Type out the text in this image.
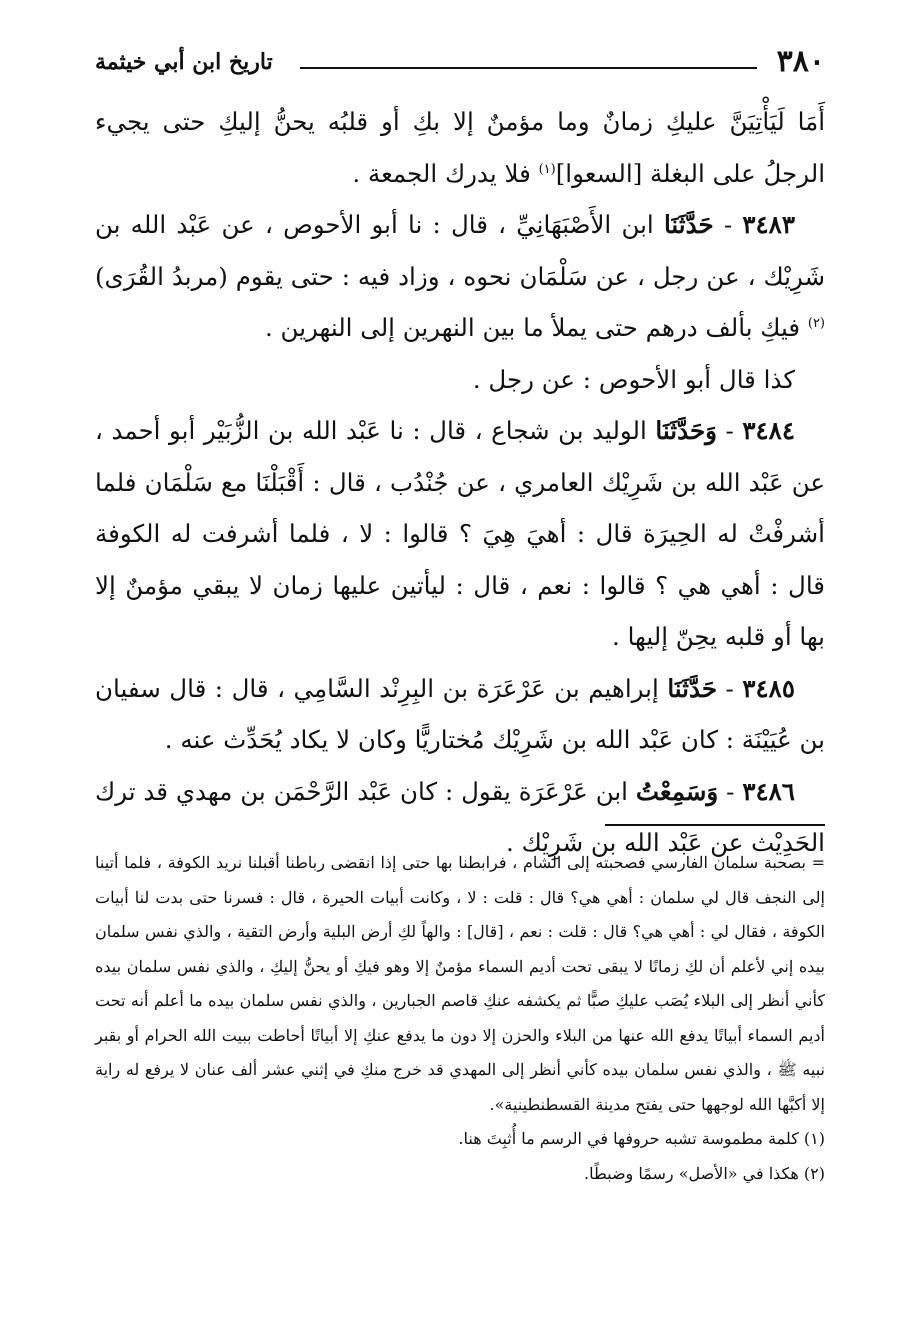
٣٨٠
تاريخ ابن أبي خيثمة

أَمَا لَيَأْتِيَنَّ عليكِ زمانٌ وما مؤمنٌ إلا بكِ أو قلبُه يحنُّ إليكِ حتى يجيء الرجلُ على البغلة [السعوا]$^{(١)}$ فلا يدرك الجمعة .

٣٤٨٣ - حَدَّثَنَا ابن الأَصْبَهَانِيِّ ، قال : نا أبو الأحوص ، عن عَبْد الله بن شَرِيْك ، عن رجل ، عن سَلْمَان نحوه ، وزاد فيه : حتى يقوم (مربدُ القُرَى)$^{(٢)}$ فيكِ بألف درهم حتى يملأ ما بين النهرين إلى النهرين .

كذا قال أبو الأحوص : عن رجل .

٣٤٨٤ - وَحَدَّثَنَا الوليد بن شجاع ، قال : نا عَبْد الله بن الزُّبَيْر أبو أحمد ، عن عَبْد الله بن شَرِيْك العامري ، عن جُنْدُب ، قال : أَقْبَلْنَا مع سَلْمَان فلما أشرفْتْ له الحِيرَة قال : أهيَ هِيَ ؟ قالوا : لا ، فلما أشرفت له الكوفة قال : أهي هي ؟ قالوا : نعم ، قال : ليأتين عليها زمان لا يبقي مؤمنٌ إلا بها أو قلبه يحِنّ إليها .

٣٤٨٥ - حَدَّثَنَا إبراهيم بن عَرْعَرَة بن البِرِنْد السَّامِي ، قال : قال سفيان بن عُيَيْنَة : كان عَبْد الله بن شَرِيْك مُختاريًّا وكان لا يكاد يُحَدِّث عنه .

٣٤٨٦ - وَسَمِعْتُ ابن عَرْعَرَة يقول : كان عَبْد الرَّحْمَن بن مهدي قد ترك الحَدِيْث عن عَبْد الله بن شَرِيْك .

= بصحبة سلمان الفارسي فصحبته إلى الشام ، فرابطنا بها حتى إذا انقضى رباطنا أقبلنا نريد الكوفة ، فلما أتينا إلى النجف قال لي سلمان : أهي هي؟ قال : قلت : لا ، وكانت أبيات الحيرة ، قال : فسرنا حتى بدت لنا أبيات الكوفة ، فقال لي : أهي هي؟ قال : قلت : نعم ، [قال] : والهاً لكِ أرض البلية وأرض التقية ، والذي نفس سلمان بيده إني لأعلم أن لكِ زمانًا لا يبقى تحت أديم السماء مؤمنٌ إلا وهو فيكِ أو يحنُّ إليكِ ، والذي نفس سلمان بيده كأني أنظر إلى البلاء يُصَب عليكِ صبًّا ثم يكشفه عنكِ قاصم الجبارين ، والذي نفس سلمان بيده ما أعلم أنه تحت أديم السماء أبياتًا يدفع الله عنها من البلاء والحزن إلا دون ما يدفع عنكِ إلا أبياتًا أحاطت ببيت الله الحرام أو بقبر نبيه ﷺ ، والذي نفس سلمان بيده كأني أنظر إلى المهدي قد خرج منكِ في إثني عشر ألف عنان لا يرفع له راية إلا أكبَّها الله لوجهها حتى يفتح مدينة القسطنطينية».

(١) كلمة مطموسة تشبه حروفها في الرسم ما أُثبِتَ هنا.

(٢) هكذا في «الأصل» رسمًا وضبطًا.
